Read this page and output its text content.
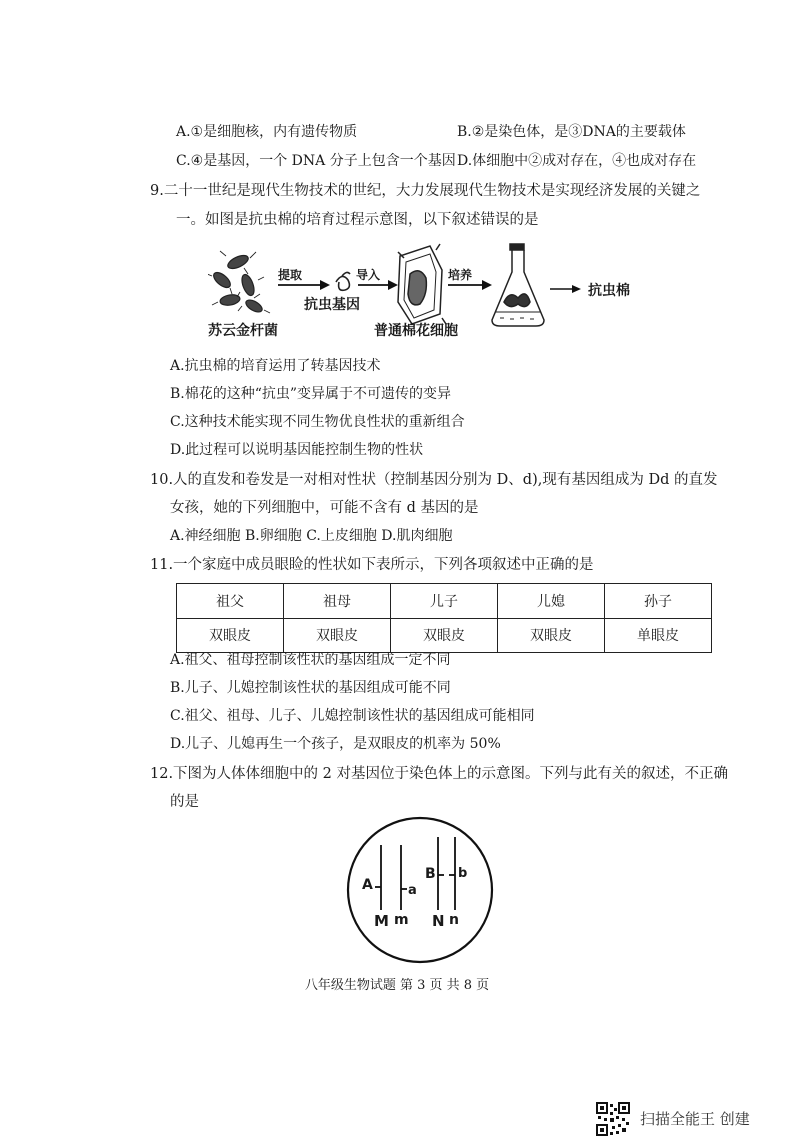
A.①是细胞核，内有遗传物质	B.②是染色体，是③DNA的主要载体
C.④是基因，一个 DNA 分子上包含一个基因 D.体细胞中②成对存在，④也成对存在
9.二十一世纪是现代生物技术的世纪，大力发展现代生物技术是实现经济发展的关键之
一。如图是抗虫棉的培育过程示意图，以下叙述错误的是
苏云金杆菌
提取
抗虫基因
导入
普通棉花细胞
培养
抗虫棉
A.抗虫棉的培育运用了转基因技术
B.棉花的这种“抗虫”变异属于不可遗传的变异
C.这种技术能实现不同生物优良性状的重新组合
D.此过程可以说明基因能控制生物的性状
10.人的直发和卷发是一对相对性状（控制基因分别为 D、d),现有基因组成为 Dd 的直发
女孩，她的下列细胞中，可能不含有 d 基因的是
A.神经细胞 B.卵细胞 C.上皮细胞 D.肌肉细胞
11.一个家庭中成员眼睑的性状如下表所示，下列各项叙述中正确的是
祖父	祖母	儿子	儿媳	孙子
双眼皮	双眼皮	双眼皮	双眼皮	单眼皮
A.祖父、祖母控制该性状的基因组成一定不同
B.儿子、儿媳控制该性状的基因组成可能不同
C.祖父、祖母、儿子、儿媳控制该性状的基因组成可能相同
D.儿子、儿媳再生一个孩子，是双眼皮的机率为 50%
12.下图为人体体细胞中的 2 对基因位于染色体上的示意图。下列与此有关的叙述，不正确
的是
A	a
B b
M m N n
八年级生物试题 第 3 页 共 8 页
扫描全能王 创建
